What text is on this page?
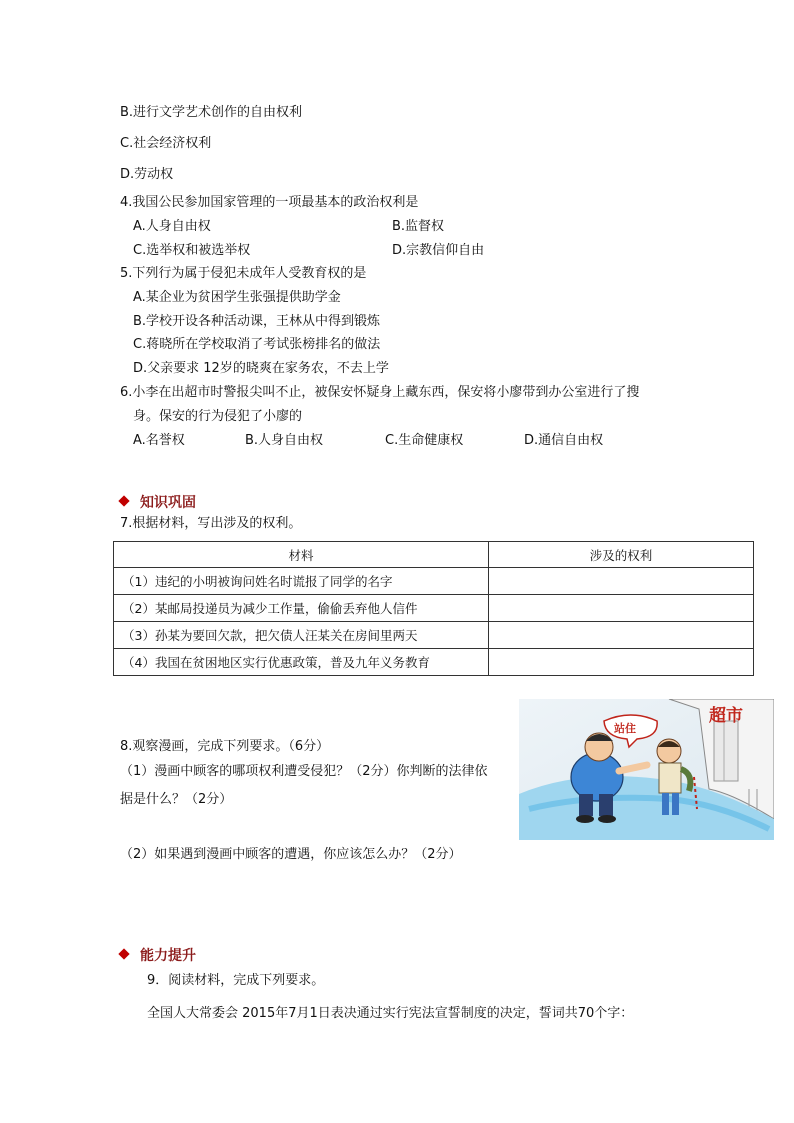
B.进行文学艺术创作的自由权利
C.社会经济权利
D.劳动权
4.我国公民参加国家管理的一项最基本的政治权利是
A.人身自由权	B.监督权
C.选举权和被选举权	D.宗教信仰自由
5.下列行为属于侵犯未成年人受教育权的是
A.某企业为贫困学生张强提供助学金
B.学校开设各种活动课，王林从中得到锻炼
C.蒋晓所在学校取消了考试张榜排名的做法
D.父亲要求 12岁的晓爽在家务农，不去上学
6.小李在出超市时警报尖叫不止，被保安怀疑身上藏东西，保安将小廖带到办公室进行了搜
身。保安的行为侵犯了小廖的
A.名誉权	B.人身自由权	C.生命健康权	D.通信自由权
知识巩固
7.根据材料，写出涉及的权利。
材料	涉及的权利
（1）违纪的小明被询问姓名时谎报了同学的名字	
（2）某邮局投递员为减少工作量，偷偷丢弃他人信件	
（3）孙某为要回欠款，把欠债人汪某关在房间里两天	
（4）我国在贫困地区实行优惠政策，普及九年义务教育	
8.观察漫画，完成下列要求。（6分）
（1）漫画中顾客的哪项权利遭受侵犯？（2分）你判断的法律依
据是什么？（2分）
（2）如果遇到漫画中顾客的遭遇，你应该怎么办？（2分）
超市
站住
能力提升
9．阅读材料，完成下列要求。
全国人大常委会 2015年7月1日表决通过实行宪法宣誓制度的决定，誓词共70个字：
